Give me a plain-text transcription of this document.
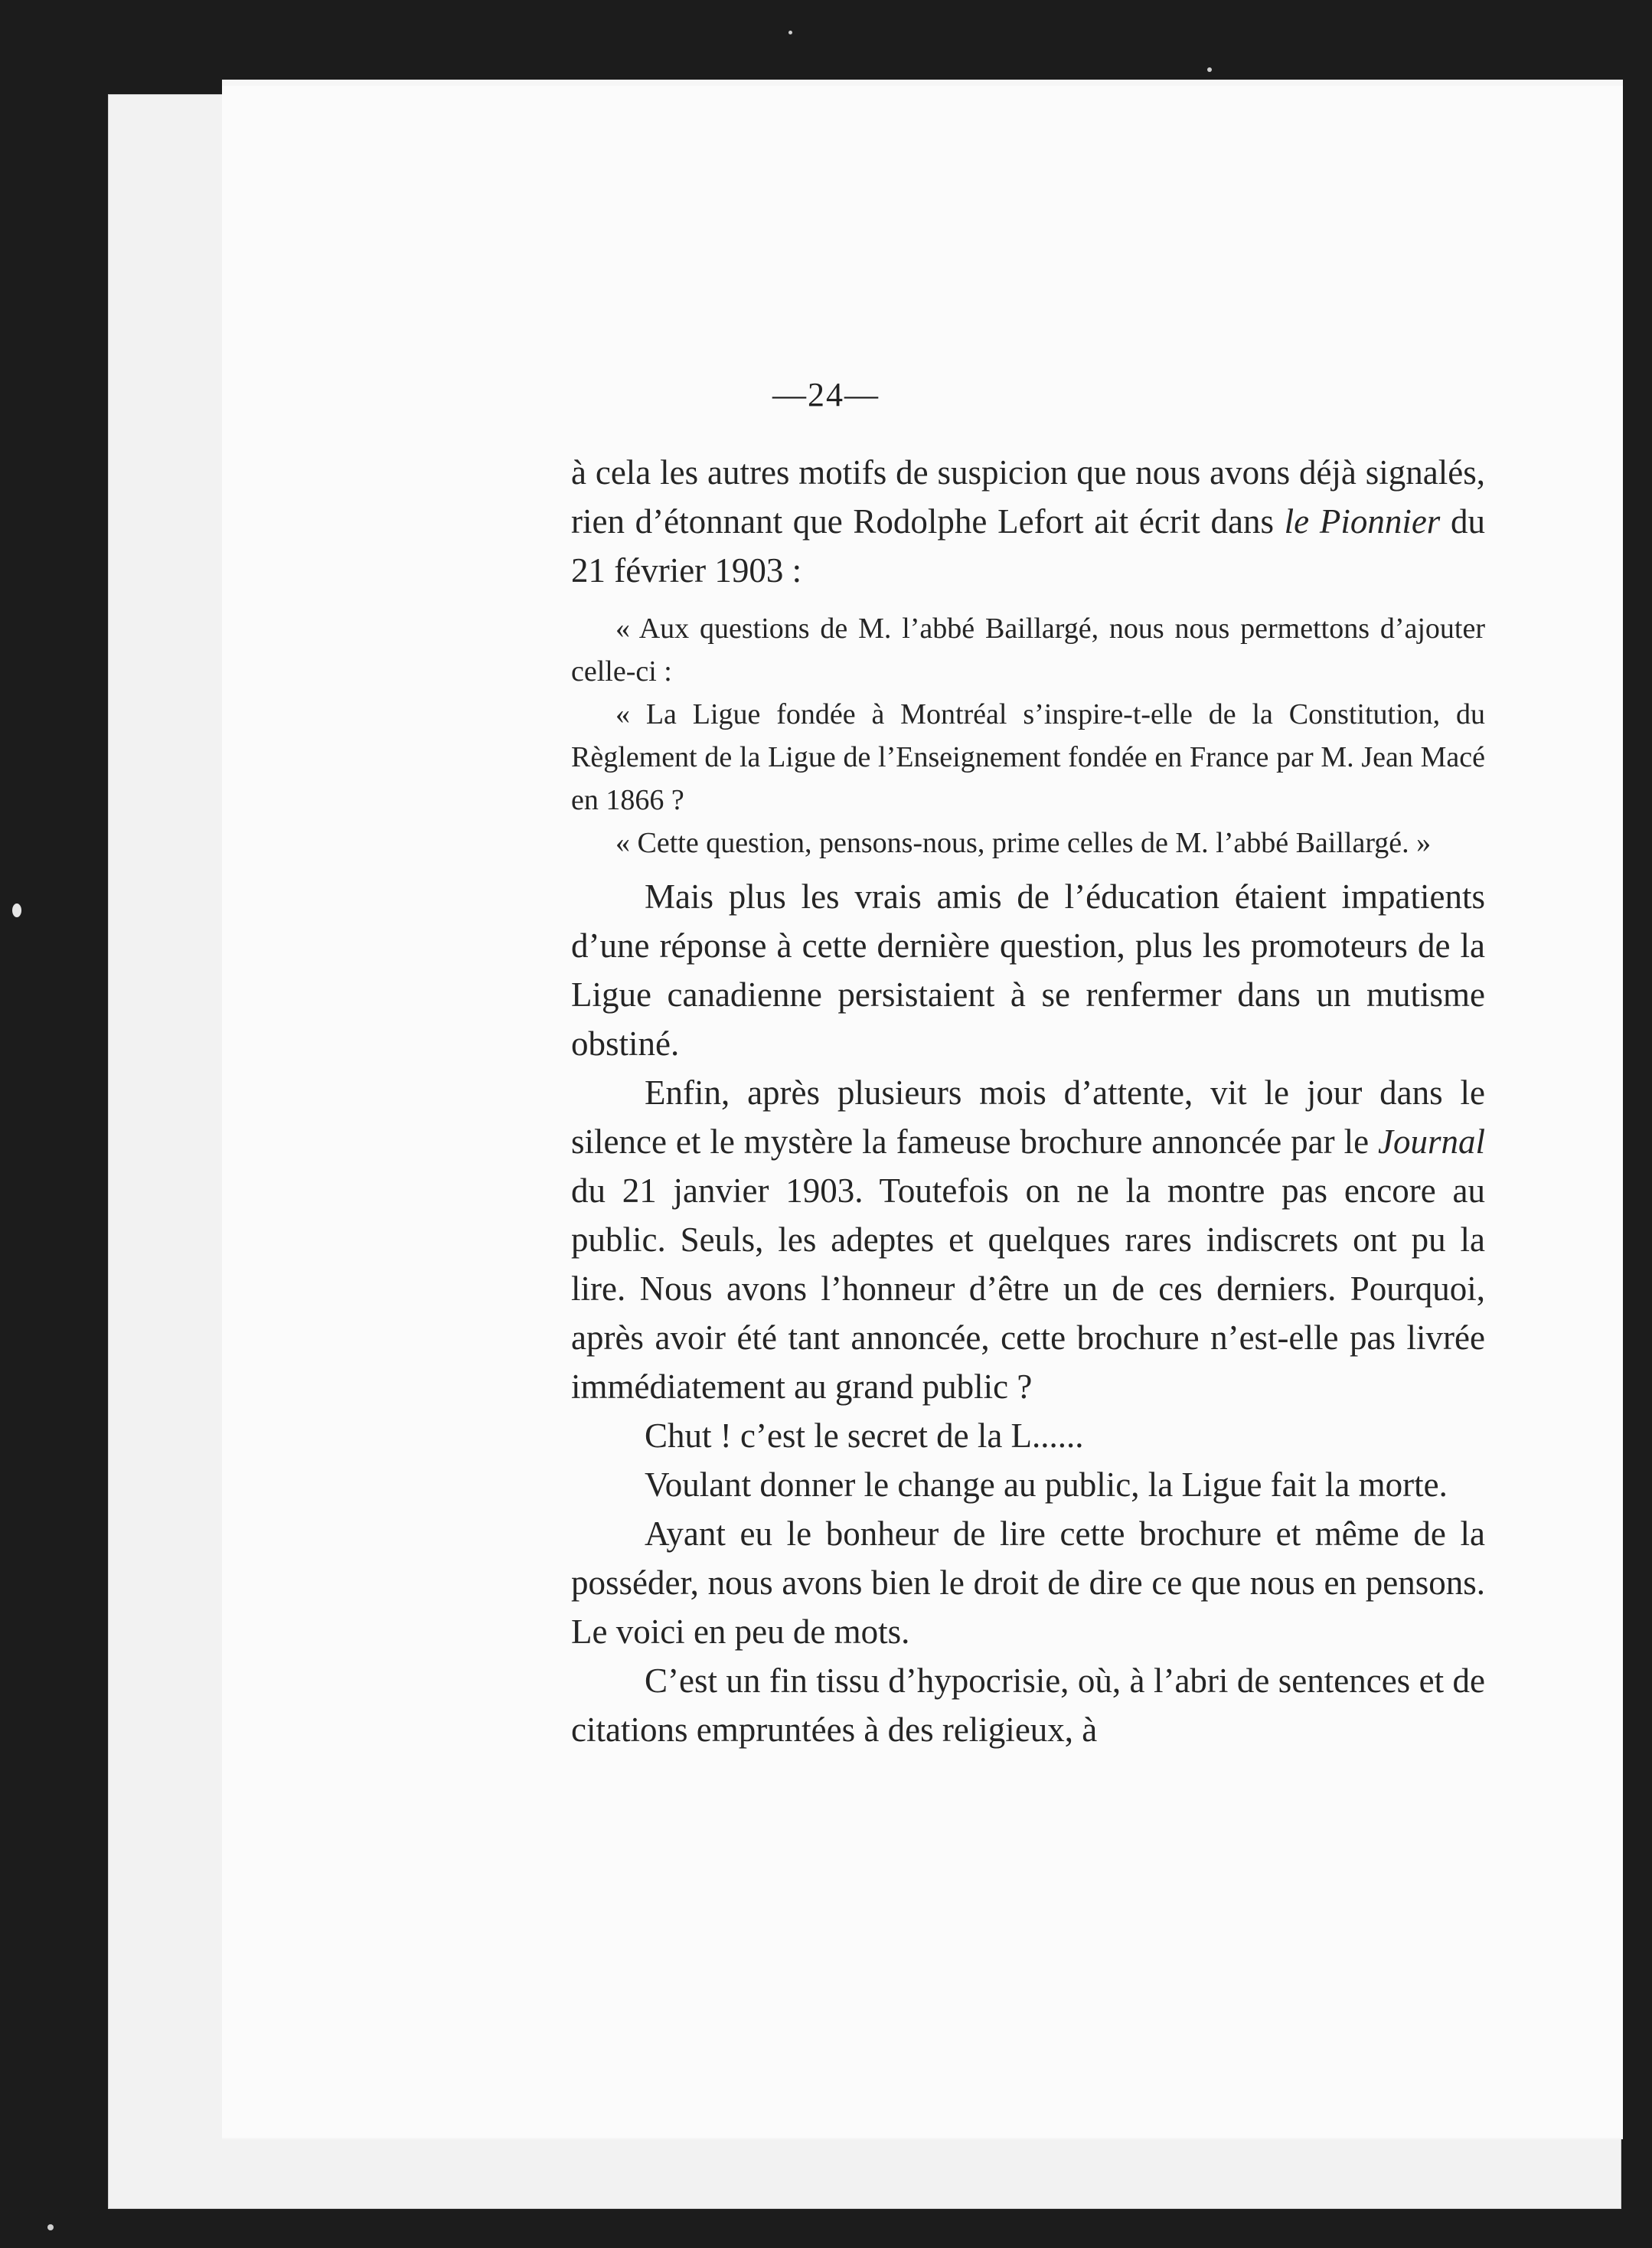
—24—

à cela les autres motifs de suspicion que nous avons déjà signalés, rien d’étonnant que Rodolphe Lefort ait écrit dans le Pionnier du 21 février 1903 :

« Aux questions de M. l’abbé Baillargé, nous nous permettons d’ajouter celle-ci :

« La Ligue fondée à Montréal s’inspire-t-elle de la Constitution, du Règlement de la Ligue de l’Enseignement fondée en France par M. Jean Macé en 1866 ?

« Cette question, pensons-nous, prime celles de M. l’abbé Baillargé. »

Mais plus les vrais amis de l’éducation étaient impatients d’une réponse à cette dernière question, plus les promoteurs de la Ligue canadienne persistaient à se renfermer dans un mutisme obstiné.

Enfin, après plusieurs mois d’attente, vit le jour dans le silence et le mystère la fameuse brochure annoncée par le Journal du 21 janvier 1903. Toutefois on ne la montre pas encore au public. Seuls, les adeptes et quelques rares indiscrets ont pu la lire. Nous avons l’honneur d’être un de ces derniers. Pourquoi, après avoir été tant annoncée, cette brochure n’est-elle pas livrée immédiatement au grand public ?

Chut ! c’est le secret de la L......

Voulant donner le change au public, la Ligue fait la morte.

Ayant eu le bonheur de lire cette brochure et même de la posséder, nous avons bien le droit de dire ce que nous en pensons. Le voici en peu de mots.

C’est un fin tissu d’hypocrisie, où, à l’abri de sentences et de citations empruntées à des religieux, à
